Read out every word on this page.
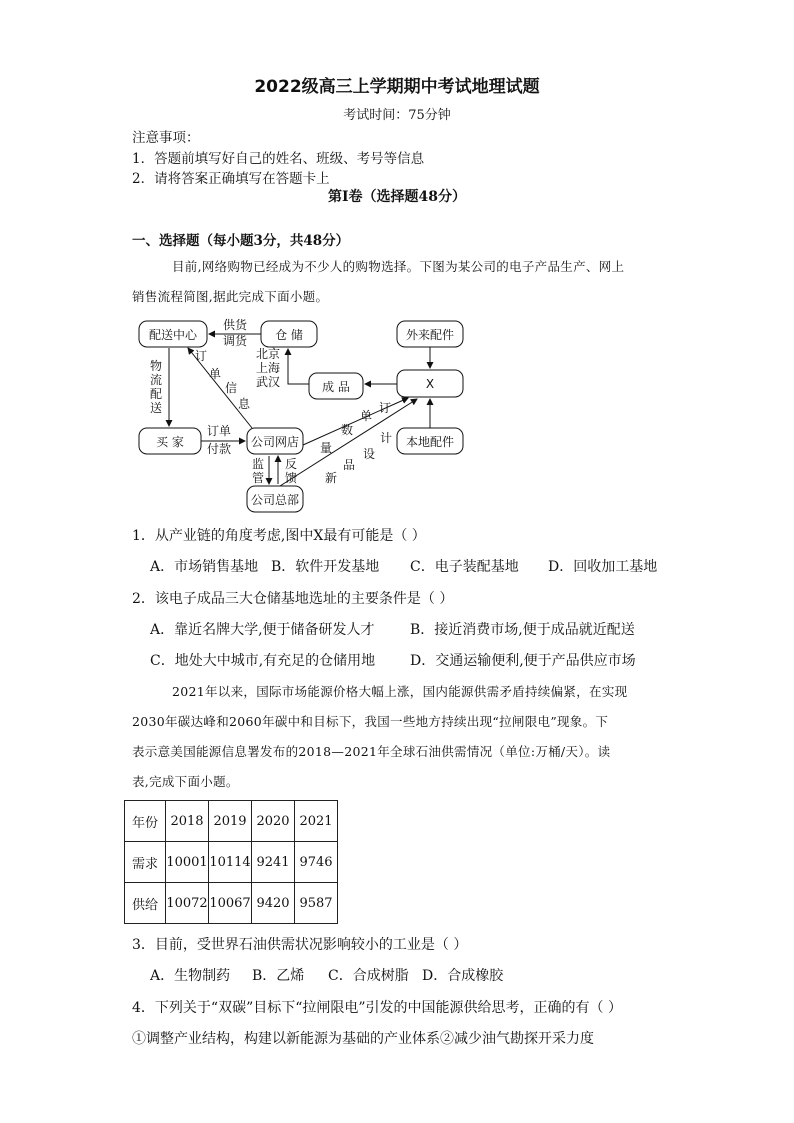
2022级高三上学期期中考试地理试题
考试时间：75分钟
注意事项：
1．答题前填写好自己的姓名、班级、考号等信息
2．请将答案正确填写在答题卡上
第I卷（选择题48分）
一、选择题（每小题3分，共48分）
目前,网络购物已经成为不少人的购物选择。下图为某公司的电子产品生产、网上
销售流程简图,据此完成下面小题。
配送中心	仓 储	外来配件
成 品	X
买 家	公司网店	本地配件
公司总部
供货
调货
北京
上海
武汉
物
流
配
送
订
单
信
息
订单
付款
监
管
反
馈
订
单
数
量
计
设
品
新
1．从产业链的角度考虑,图中X最有可能是（ ）
A．市场销售基地 B．软件开发基地 C．电子装配基地 D．回收加工基地
2．该电子成品三大仓储基地选址的主要条件是（ ）
A．靠近名牌大学,便于储备研发人才	B．接近消费市场,便于成品就近配送
C．地处大中城市,有充足的仓储用地 D．交通运输便利,便于产品供应市场
2021年以来，国际市场能源价格大幅上涨，国内能源供需矛盾持续偏紧，在实现
2030年碳达峰和2060年碳中和目标下，我国一些地方持续出现“拉闸限电”现象。下
表示意美国能源信息署发布的2018—2021年全球石油供需情况（单位:万桶/天）。读
表,完成下面小题。
年份	2018	2019	2020	2021
需求	10001	10114	9241	9746
供给	10072	10067	9420	9587
3．目前，受世界石油供需状况影响较小的工业是（ ）
A．生物制药 B．乙烯 C．合成树脂 D．合成橡胶
4．下列关于“双碳”目标下“拉闸限电”引发的中国能源供给思考，正确的有（ ）
①调整产业结构，构建以新能源为基础的产业体系②减少油气勘探开采力度
